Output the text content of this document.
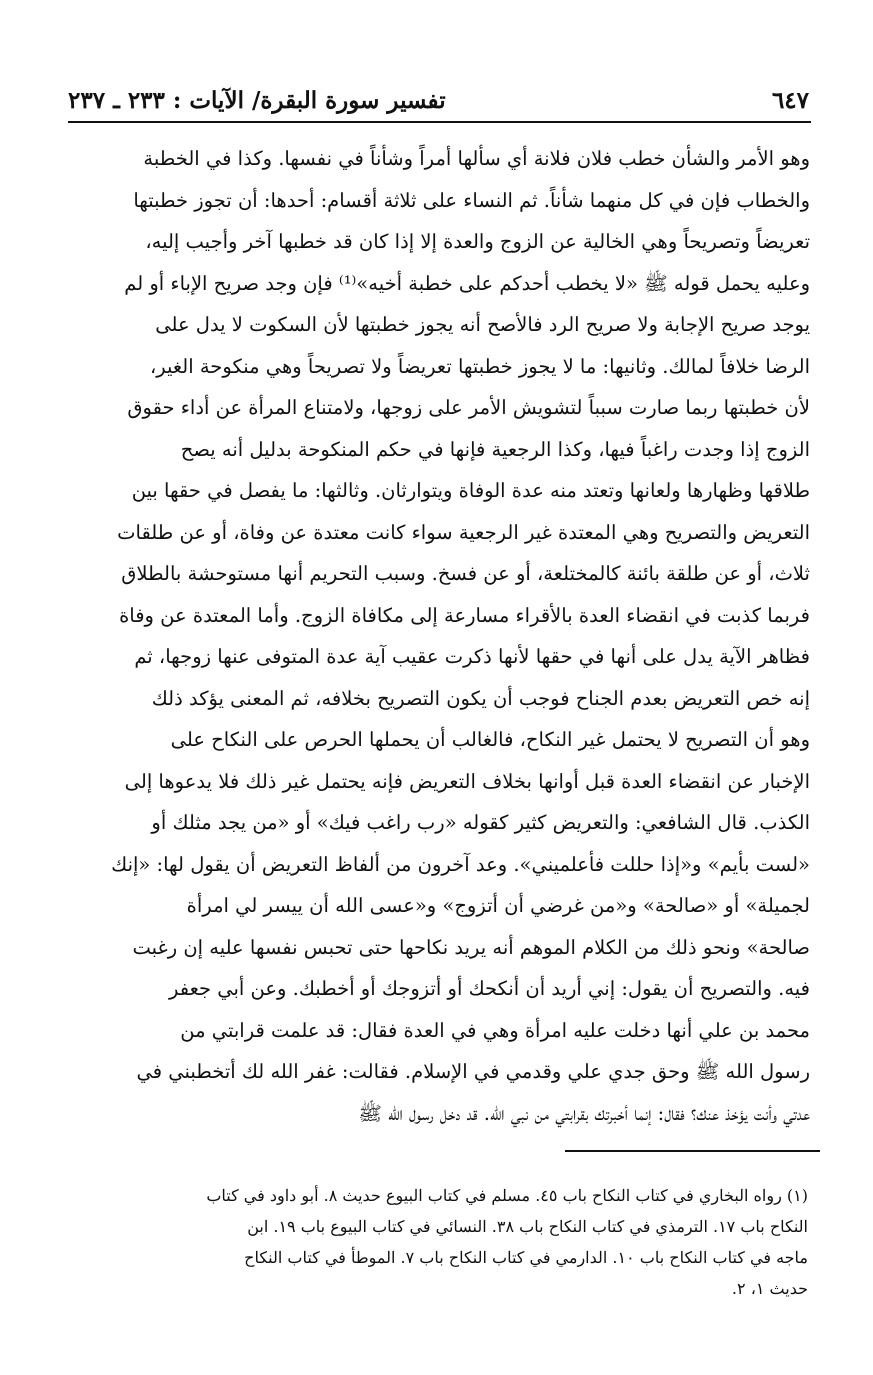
تفسير سورة البقرة/ الآيات : ٢٣٣ ـ ٢٣٧	٦٤٧
وهو الأمر والشأن خطب فلان فلانة أي سألها أمراً وشأناً في نفسها. وكذا في الخطبة
والخطاب فإن في كل منهما شأناً. ثم النساء على ثلاثة أقسام: أحدها: أن تجوز خطبتها
تعريضاً وتصريحاً وهي الخالية عن الزوج والعدة إلا إذا كان قد خطبها آخر وأجيب إليه،
وعليه يحمل قوله ﷺ «لا يخطب أحدكم على خطبة أخيه»⁽¹⁾ فإن وجد صريح الإباء أو لم
يوجد صريح الإجابة ولا صريح الرد فالأصح أنه يجوز خطبتها لأن السكوت لا يدل على
الرضا خلافاً لمالك. وثانيها: ما لا يجوز خطبتها تعريضاً ولا تصريحاً وهي منكوحة الغير،
لأن خطبتها ربما صارت سبباً لتشويش الأمر على زوجها، ولامتناع المرأة عن أداء حقوق
الزوج إذا وجدت راغباً فيها، وكذا الرجعية فإنها في حكم المنكوحة بدليل أنه يصح
طلاقها وظهارها ولعانها وتعتد منه عدة الوفاة ويتوارثان. وثالثها: ما يفصل في حقها بين
التعريض والتصريح وهي المعتدة غير الرجعية سواء كانت معتدة عن وفاة، أو عن طلقات
ثلاث، أو عن طلقة بائنة كالمختلعة، أو عن فسخ. وسبب التحريم أنها مستوحشة بالطلاق
فربما كذبت في انقضاء العدة بالأقراء مسارعة إلى مكافاة الزوج. وأما المعتدة عن وفاة
فظاهر الآية يدل على أنها في حقها لأنها ذكرت عقيب آية عدة المتوفى عنها زوجها، ثم
إنه خص التعريض بعدم الجناح فوجب أن يكون التصريح بخلافه، ثم المعنى يؤكد ذلك
وهو أن التصريح لا يحتمل غير النكاح، فالغالب أن يحملها الحرص على النكاح على
الإخبار عن انقضاء العدة قبل أوانها بخلاف التعريض فإنه يحتمل غير ذلك فلا يدعوها إلى
الكذب. قال الشافعي: والتعريض كثير كقوله «رب راغب فيك» أو «من يجد مثلك أو
«لست بأيم» و«إذا حللت فأعلميني». وعد آخرون من ألفاظ التعريض أن يقول لها: «إنك
لجميلة» أو «صالحة» و«من غرضي أن أتزوج» و«عسى الله أن ييسر لي امرأة
صالحة» ونحو ذلك من الكلام الموهم أنه يريد نكاحها حتى تحبس نفسها عليه إن رغبت
فيه. والتصريح أن يقول: إني أريد أن أنكحك أو أتزوجك أو أخطبك. وعن أبي جعفر
محمد بن علي أنها دخلت عليه امرأة وهي في العدة فقال: قد علمت قرابتي من
رسول الله ﷺ وحق جدي علي وقدمي في الإسلام. فقالت: غفر الله لك أتخطبني في
عدتي وأنت يؤخذ عنك؟ فقال: إنما أخبرتك بقرابتي من نبي الله. قد دخل رسول الله ﷺ
(١) رواه البخاري في كتاب النكاح باب ٤٥. مسلم في كتاب البيوع حديث ٨. أبو داود في كتاب
النكاح باب ١٧. الترمذي في كتاب النكاح باب ٣٨. النسائي في كتاب البيوع باب ١٩. ابن
ماجه في كتاب النكاح باب ١٠. الدارمي في كتاب النكاح باب ٧. الموطأ في كتاب النكاح
حديث ١، ٢.
